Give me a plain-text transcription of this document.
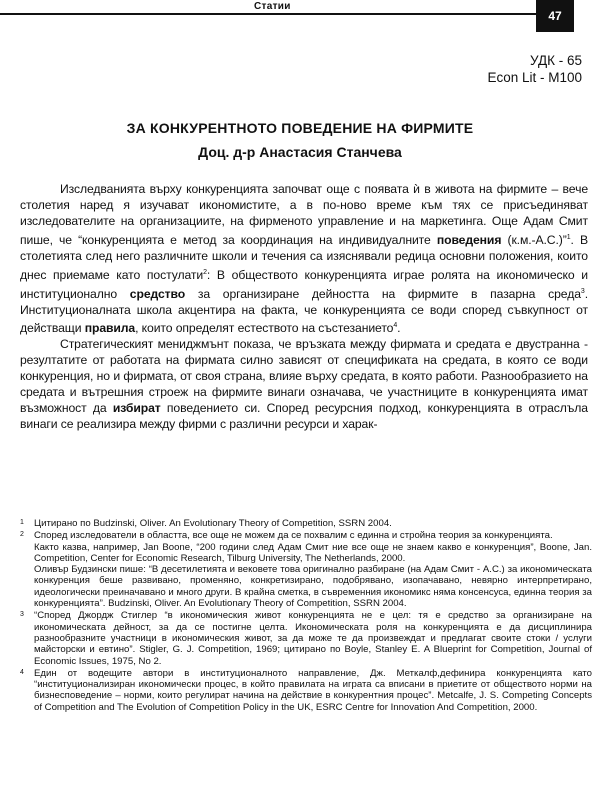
Статии
47
УДК - 65
Econ Lit - M100
ЗА КОНКУРЕНТНОТО ПОВЕДЕНИЕ НА ФИРМИТЕ
Доц. д-р Анастасия Станчева

Изследванията върху конкуренцията започват още с появата ѝ в живота на фирмите – вече столетия наред я изучават икономистите, а в по-ново време към тях се присъединяват изследователите на организациите, на фирменото управление и на маркетинга. Още Адам Смит пише, че “конкуренцията е метод за координация на индивидуалните поведения (к.м.-А.С.)”$^1$. В столетията след него различните школи и течения са изяснявали редица основни положения, които днес приемаме като постулати$^2$: В обществото конкуренцията играе ролята на икономическо и институционално средство за организиране дейността на фирмите в пазарна среда$^3$. Институционалната школа акцентира на факта, че конкуренцията се води според съвкупност от действащи правила, които определят естеството на състезанието$^4$.

Стратегическият мениджмънт показа, че връзката между фирмата и средата е двустранна - резултатите от работата на фирмата силно зависят от спецификата на средата, в която се води конкуренция, но и фирмата, от своя страна, влияе върху средата, в която работи. Разнообразието на средата и вътрешния строеж на фирмите винаги означава, че участниците в конкуренцията имат възможност да избират поведението си. Според ресурсния подход, конкуренцията в отраслъла винаги се реализира между фирми с различни ресурси и харак-

1 Цитирано по Budzinski, Oliver. An Evolutionary Theory of Competition, SSRN 2004.
2 Според изследователи в областта, все още не можем да се похвалим с единна и стройна теория за конкуренцията.
Както казва, например, Jan Boone, “200 години след Адам Смит ние все още не знаем какво е конкуренция”, Boone, Jan. Competition, Center for Economic Research, Tilburg University, The Netherlands, 2000.
Оливър Будзински пише: “В десетилетията и вековете това оригинално разбиране (на Адам Смит - А.С.) за икономическата конкуренция беше развивано, променяно, конкретизирано, подобрявано, изопачавано, невярно интерпретирано, идеологически преиначавано и много други. В крайна сметка, в съвременния икономикс няма консенсуса, единна теория за конкуренцията”. Budzinski, Oliver. An Evolutionary Theory of Competition, SSRN 2004.
3 “Според Джордж Стиглер “в икономическия живот конкуренцията не е цел: тя е средство за организиране на икономическата дейност, за да се постигне целта. Икономическата роля на конкуренцията е да дисциплинира разнообразните участници в икономическия живот, за да може те да произвеждат и предлагат своите стоки / услуги майсторски и евтино”. Stigler, G. J. Competition, 1969; цитирано по Boyle, Stanley E. A Blueprint for Competition, Journal of Economic Issues, 1975, No 2.
4 Един от водещите автори в институционалното направление, Дж. Меткалф,дефинира конкуренцията като “институционализиран икономически процес, в който правилата на играта са вписани в приетите от обществото норми на бизнесповедение – норми, които регулират начина на действие в конкурентния процес”. Metcalfe, J. S. Competing Concepts of Competition and The Evolution of Competition Policy in the UK, ESRC Centre for Innovation And Competition, 2000.
